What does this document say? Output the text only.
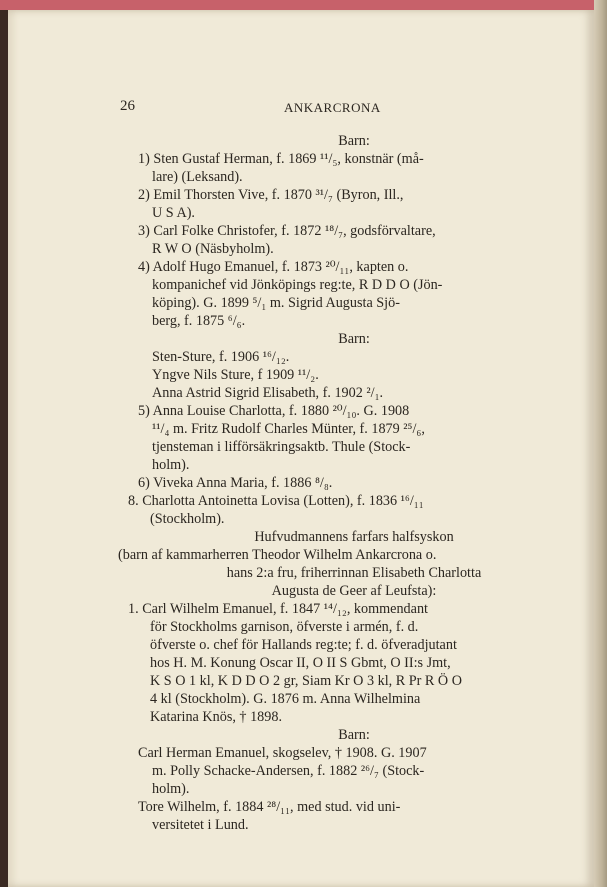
26	ANKARCRONA
Barn:
1) Sten Gustaf Herman, f. 1869 ¹¹/₅, konstnär (må-
lare) (Leksand).
2) Emil Thorsten Vive, f. 1870 ³¹/₇ (Byron, Ill.,
U S A).
3) Carl Folke Christofer, f. 1872 ¹⁸/₇, godsförvaltare,
R W O (Näsbyholm).
4) Adolf Hugo Emanuel, f. 1873 ²⁰/₁₁, kapten o.
kompanichef vid Jönköpings reg:te, R D D O (Jön-
köping). G. 1899 ⁵/₁ m. Sigrid Augusta Sjö-
berg, f. 1875 ⁶/₆.
Barn:
Sten-Sture, f. 1906 ¹⁶/₁₂.
Yngve Nils Sture, f 1909 ¹¹/₂.
Anna Astrid Sigrid Elisabeth, f. 1902 ²/₁.
5) Anna Louise Charlotta, f. 1880 ²⁰/₁₀. G. 1908
¹¹/₄ m. Fritz Rudolf Charles Münter, f. 1879 ²⁵/₆,
tjensteman i lifförsäkringsaktb. Thule (Stock-
holm).
6) Viveka Anna Maria, f. 1886 ⁸/₈.
8. Charlotta Antoinetta Lovisa (Lotten), f. 1836 ¹⁶/₁₁
(Stockholm).
Hufvudmannens farfars halfsyskon
(barn af kammarherren Theodor Wilhelm Ankarcrona o.
hans 2:a fru, friherrinnan Elisabeth Charlotta
Augusta de Geer af Leufsta):
1. Carl Wilhelm Emanuel, f. 1847 ¹⁴/₁₂, kommendant
för Stockholms garnison, öfverste i armén, f. d.
öfverste o. chef för Hallands reg:te; f. d. öfveradjutant
hos H. M. Konung Oscar II, O II S Gbmt, O II:s Jmt,
K S O 1 kl, K D D O 2 gr, Siam Kr O 3 kl, R Pr R Ö O
4 kl (Stockholm). G. 1876 m. Anna Wilhelmina
Katarina Knös, † 1898.
Barn:
Carl Herman Emanuel, skogselev, † 1908. G. 1907
m. Polly Schacke-Andersen, f. 1882 ²⁶/₇ (Stock-
holm).
Tore Wilhelm, f. 1884 ²⁸/₁₁, med stud. vid uni-
versitetet i Lund.
